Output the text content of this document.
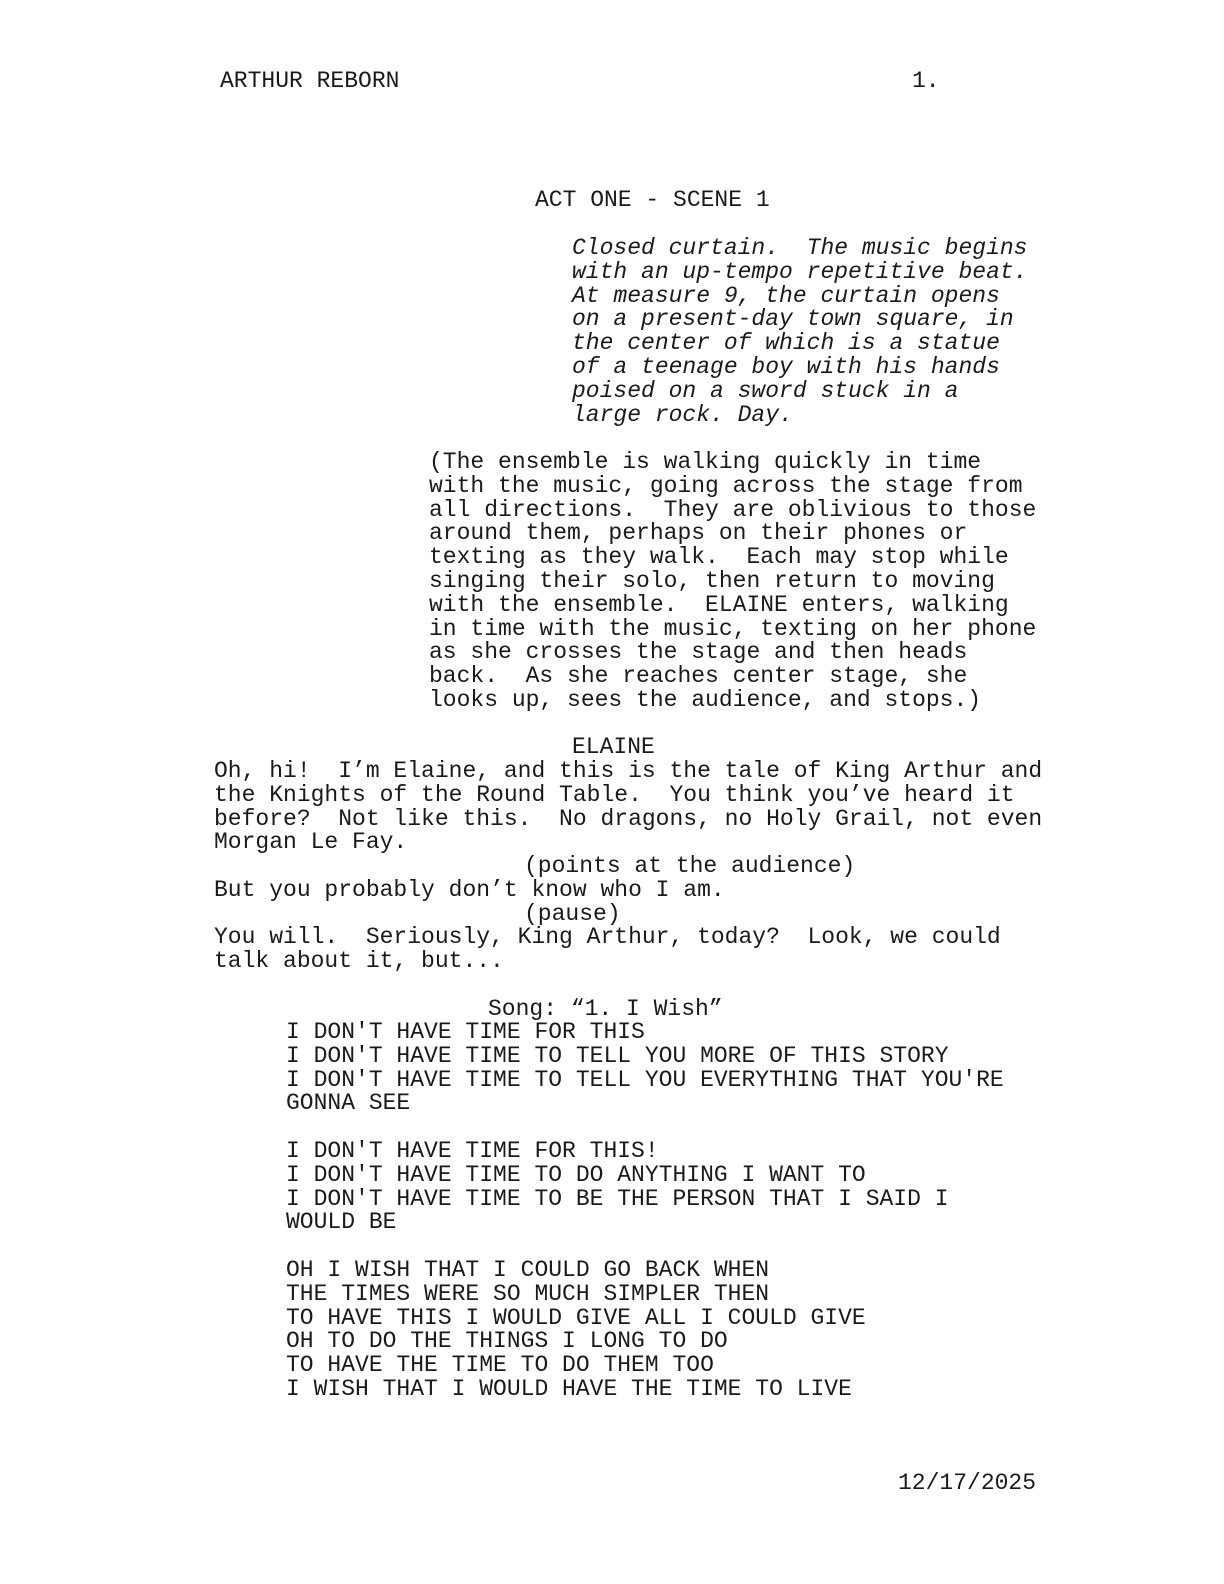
ARTHUR REBORN	1.
ACT ONE - SCENE 1
Closed curtain.  The music begins
with an up-tempo repetitive beat.
At measure 9, the curtain opens
on a present-day town square, in
the center of which is a statue
of a teenage boy with his hands
poised on a sword stuck in a
large rock. Day.
(The ensemble is walking quickly in time
with the music, going across the stage from
all directions.  They are oblivious to those
around them, perhaps on their phones or
texting as they walk.  Each may stop while
singing their solo, then return to moving
with the ensemble.  ELAINE enters, walking
in time with the music, texting on her phone
as she crosses the stage and then heads
back.  As she reaches center stage, she
looks up, sees the audience, and stops.)
ELAINE
Oh, hi!  I’m Elaine, and this is the tale of King Arthur and
the Knights of the Round Table.  You think you’ve heard it
before?  Not like this.  No dragons, no Holy Grail, not even
Morgan Le Fay.
(points at the audience)
But you probably don’t know who I am.
(pause)
You will.  Seriously, King Arthur, today?  Look, we could
talk about it, but...
Song: “1. I Wish”
I DON'T HAVE TIME FOR THIS
I DON'T HAVE TIME TO TELL YOU MORE OF THIS STORY
I DON'T HAVE TIME TO TELL YOU EVERYTHING THAT YOU'RE
GONNA SEE
I DON'T HAVE TIME FOR THIS!
I DON'T HAVE TIME TO DO ANYTHING I WANT TO
I DON'T HAVE TIME TO BE THE PERSON THAT I SAID I
WOULD BE
OH I WISH THAT I COULD GO BACK WHEN
THE TIMES WERE SO MUCH SIMPLER THEN
TO HAVE THIS I WOULD GIVE ALL I COULD GIVE
OH TO DO THE THINGS I LONG TO DO
TO HAVE THE TIME TO DO THEM TOO
I WISH THAT I WOULD HAVE THE TIME TO LIVE
12/17/2025
